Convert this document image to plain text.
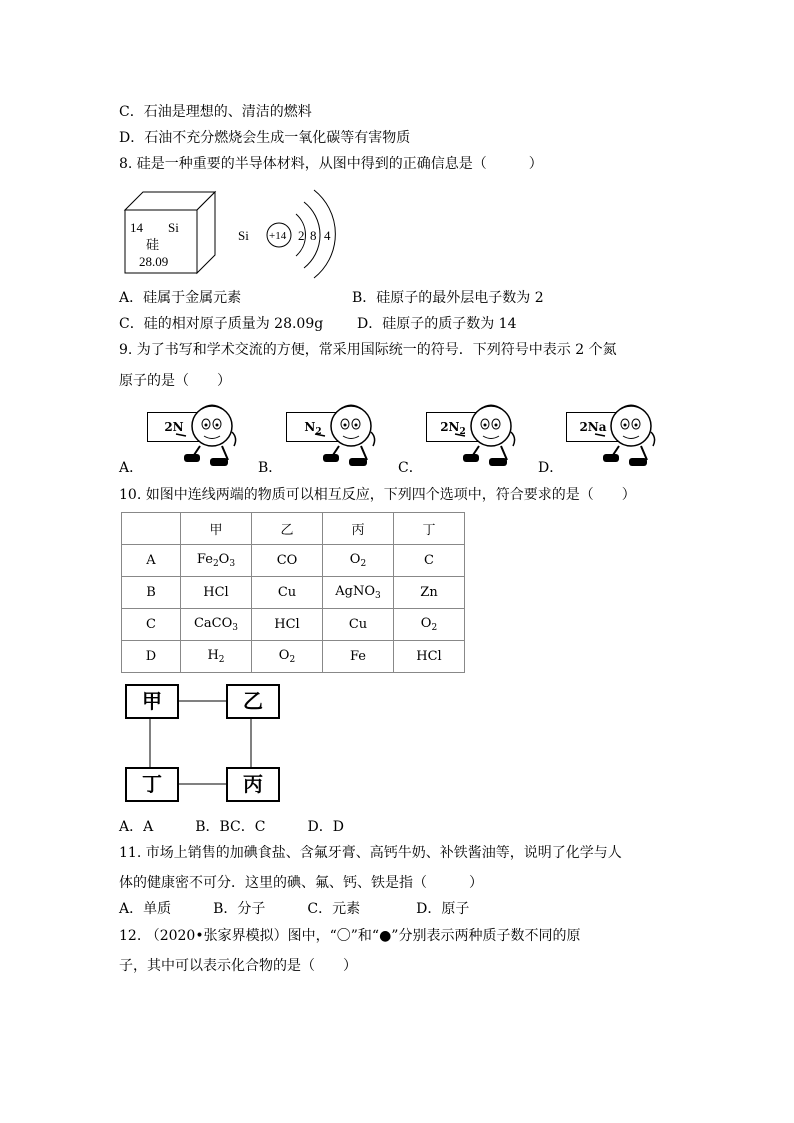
C．石油是理想的、清洁的燃料
D．石油不充分燃烧会生成一氧化碳等有害物质
8. 硅是一种重要的半导体材料，从图中得到的正确信息是（　　　）
14 Si
硅
28.09
Si +14 2 8 4
A．硅属于金属元素	B．硅原子的最外层电子数为 2
C．硅的相对原子质量为 28.09g D．硅原子的质子数为 14
9. 为了书写和学术交流的方便，常采用国际统一的符号．下列符号中表示 2 个氮
原子的是（　　）
A．
2N
B．
$N_2$
C．
$2N_2$
D．
2Na
10. 如图中连线两端的物质可以相互反应，下列四个选项中，符合要求的是（　　）
	甲	乙	丙	丁
A	$Fe_2O_3$	CO	$O_2$	C
B	HCl	Cu	AgNO$_3$	Zn
C	CaCO$_3$	HCl	Cu	$O_2$
D	$H_2$	$O_2$	Fe	HCl
甲	乙
丁	丙
A．A　　　B．BC．C　　　D．D
11. 市场上销售的加碘食盐、含氟牙膏、高钙牛奶、补铁酱油等，说明了化学与人
体的健康密不可分．这里的碘、氟、钙、铁是指（　　　）
A．单质　　　B．分子　　　C．元素　　　　D．原子
12. （2020•张家界模拟）图中，“〇”和“●”分别表示两种质子数不同的原
子，其中可以表示化合物的是（　　）
